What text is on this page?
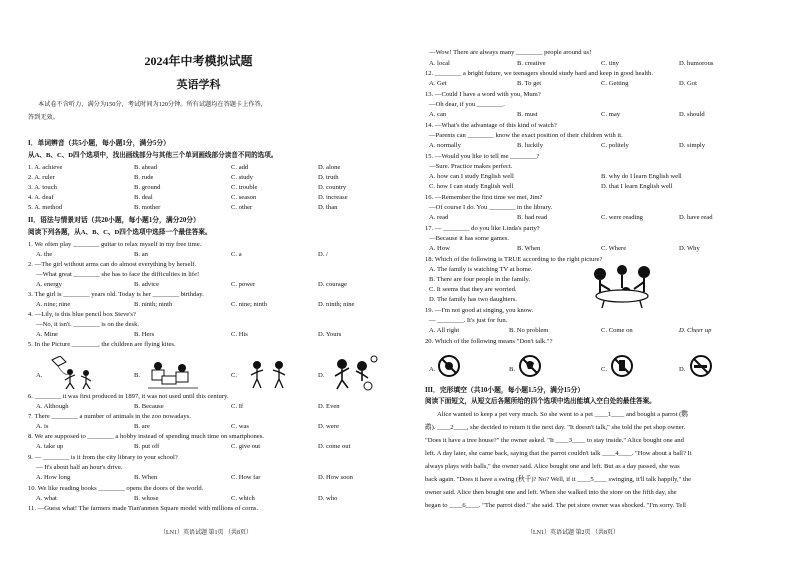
2024年中考模拟试题
英语学科
本试卷不含听力，满分为150分，考试时间为120分钟。所有试题均在答题卡上作答，
答到无效。
I．单词辨音（共5小题，每小题1分，满分5分）
从A、B、C、D四个选项中，找出画线部分与其他三个单词画线部分读音不同的选项。
1. A. achieve	B. ahead	C. add	D. alone
2. A. ruler	B. rude	C. study	D. truth
3. A. touch	B. ground	C. trouble	D. country
4. A. deaf	B. deal	C. season	D. increase
5. A. method	B. mother	C. other	D. than
II．语法与情景对话（共20小题，每小题1分，满分20分）
阅读下列各题，从A、B、C、D四个选项中选择一个最佳答案。
1. We often play ________ guitar to relax myself in my free time.
A. the	B. an	C. a	D. /
2. —The girl without arms can do almost everything by herself.
—What great ________ she has to face the difficulties in life!
A. energy	B. advice	C. power	D. courage
3. The girl is ________ years old. Today is her ________ birthday.
A. nine; nine	B. ninth; ninth	C. nine; ninth	D. ninth; nine
4. —Lily, is this blue pencil box Steve's?
—No, it isn't. ________ is on the desk.
A. Mine	B. Hers	C. His	D. Yours
5. In the Picture ________, the children are flying kites.
A.	B.	C.	D.
6. ________ it was first produced in 1897, it was not used until this century.
A. Although	B. Because	C. If	D. Even
7. There ________ a number of animals in the zoo nowadays.
A. is	B. are	C. was	D. were
8. We are supposed to ________ a hobby instead of spending much time on smartphones.
A. take up	B. put off	C. give out	D. come out
9. — ________ is it from the city library to your school?
— It's about half an hour's drive.
A. How long	B. When	C. How far	D. How soon
10. We like reading books ________ opens the doors of the world.
A. what	B. whose	C. which	D. who
11. —Guess what! The farmers made Tian'anmen Square model with millions of corns.
（LN1）英语试题 第1页 （共8页）
—Wow! There are always many ________ people around us!
A. local	B. creative	C. tiny	D. humorous
12. ________ a bright future, we teenagers should study hard and keep in good health.
A. Get	B. To get	C. Getting	D. Got
13. —Could I have a word with you, Mum?
—Oh dear, if you ________.
A. can	B. must	C. may	D. should
14. —What's the advantage of this kind of watch?
—Parents can ________ know the exact position of their children with it.
A. normally	B. luckily	C. politely	D. simply
15. —Would you like to tell me ________?
—Sure. Practice makes perfect.
A. how can I study English well	B. why do I learn English well
C. how I can study English well	D. that I learn English well
16. —Remember the first time we met, Jim?
—Of course I do. You ________ in the library.
A. read	B. had read	C. were reading	D. have read
17. — ________ do you like Linda's party?
—Because it has some games.
A. How	B. When	C. Where	D. Why
18. Which of the following is TRUE according to the right picture?
A. The family is watching TV at home.
B. There are four people in the family.
C. It seems that they are worried.
D. The family has two daughters.
19. —I'm not good at singing, you know.
— ________. It's just for fun.
A. All right	B. No problem	C. Come on	D. Cheer up
20. Which of the following means "Don't talk."?
A.	B.	C.	D.
III．完形填空（共10小题，每小题1.5分，满分15分）
阅读下面短文，从短文后各题所给的四个选项中选出能填入空白处的最佳答案。
Alice wanted to keep a pet very much. So she went to a pet ____1____ and bought a parrot (鹦
鹉). ____2____, she decided to return it the next day. "It doesn't talk," she told the pet shop owner.
"Does it have a tree house?" the owner asked. "It ____3____ to stay inside." Alice bought one and
left. A day later, she came back, saying that the parrot couldn't talk ____4____. "How about a ball? It
always plays with balls," the owner said. Alice bought one and left. But as a day passed, she was
back again. "Does it have a swing (秋千)? No? Well, if it ____5____ swinging, it'll talk happily," the
owner said. Alice then bought one and left. When she walked into the store on the fifth day, she
began to ____6____. "The parrot died." she said. The pet store owner was shocked. "I'm sorry. Tell
（LN1）英语试题 第2页 （共8页）
